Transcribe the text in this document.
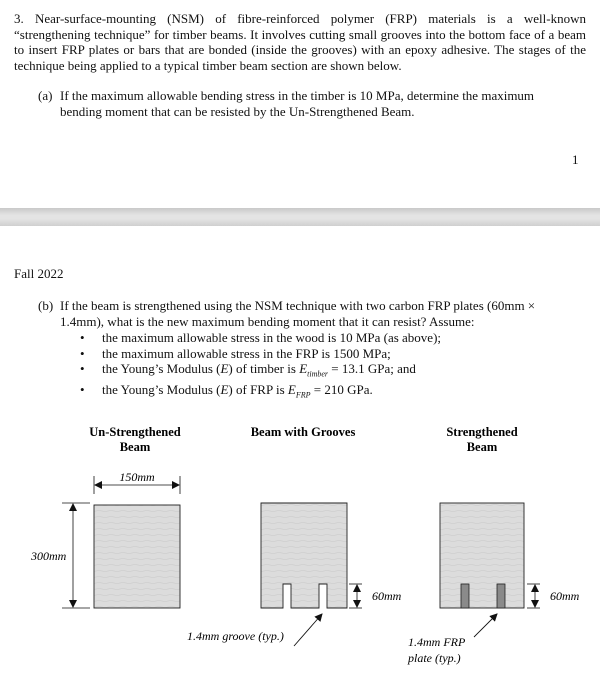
3. Near-surface-mounting (NSM) of fibre-reinforced polymer (FRP) materials is a well-known “strengthening technique” for timber beams. It involves cutting small grooves into the bottom face of a beam to insert FRP plates or bars that are bonded (inside the grooves) with an epoxy adhesive. The stages of the technique being applied to a typical timber beam section are shown below.

(a) If the maximum allowable bending stress in the timber is 10 MPa, determine the maximum
bending moment that can be resisted by the Un-Strengthened Beam.
1
Fall 2022
(b) If the beam is strengthened using the NSM technique with two carbon FRP plates (60mm ×
1.4mm), what is the new maximum bending moment that it can resist? Assume:
• the maximum allowable stress in the wood is 10 MPa (as above);
• the maximum allowable stress in the FRP is 1500 MPa;
• the Young’s Modulus (E) of timber is $E_{timber} = 13.1$ GPa; and
• the Young’s Modulus (E) of FRP is $E_{FRP} = 210$ GPa.
Un-Strengthened
Beam
Beam with Grooves	Strengthened
Beam
150mm
300mm
60mm
1.4mm groove (typ.)
60mm
1.4mm FRP
plate (typ.)
